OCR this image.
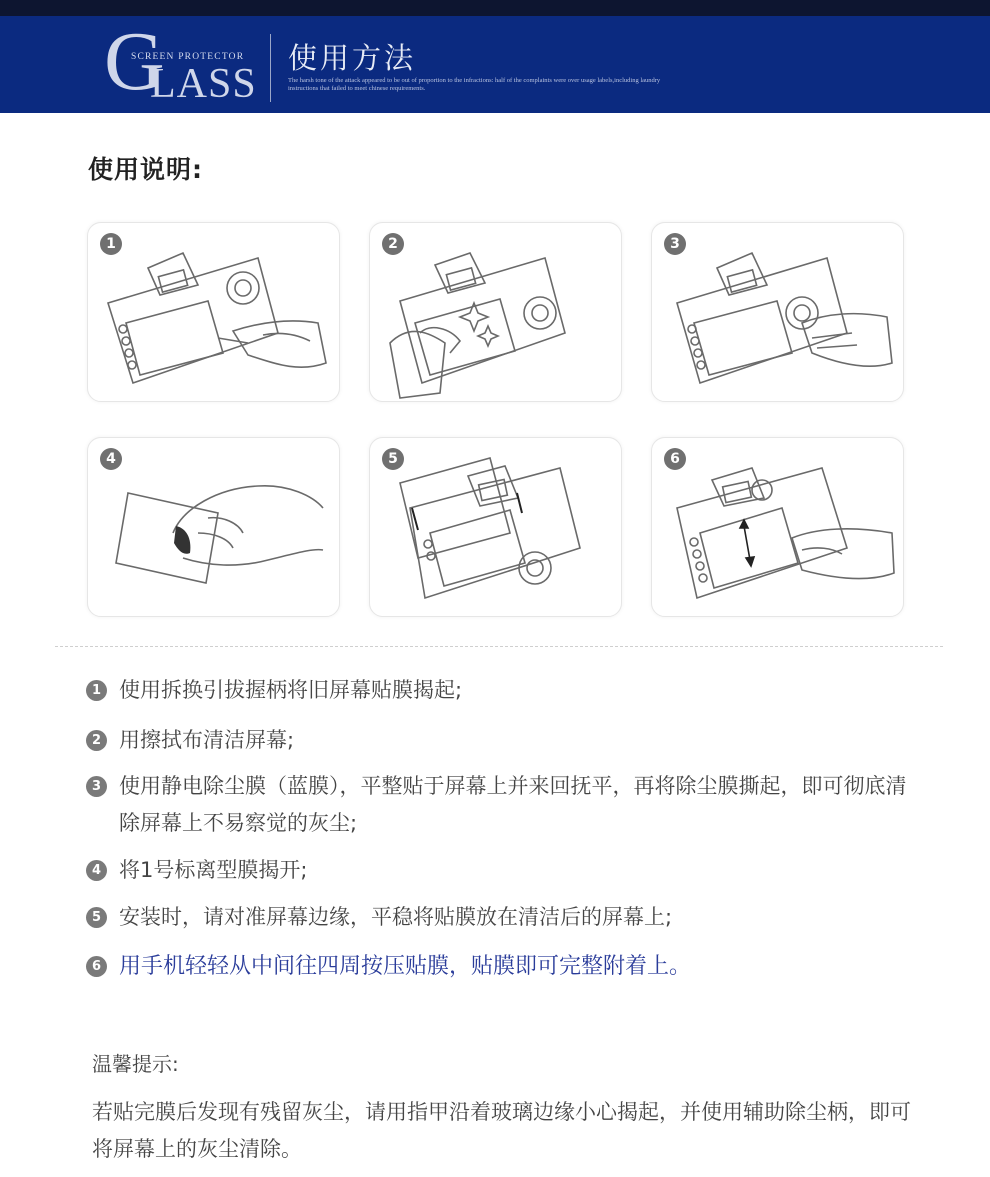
G
SCREEN PROTECTOR
LASS
使用方法
The harsh tone of the attack appeared to be out of proportion to the infractions: half of the complaints were over usage labels,including laundry instructions that failed to meet chinese requirements.
使用说明:
1	2	3
4	5	6
1 使用拆换引拔握柄将旧屏幕贴膜揭起;
2 用擦拭布清洁屏幕;
3 使用静电除尘膜（蓝膜），平整贴于屏幕上并来回抚平，再将除尘膜撕起，即可彻底清除屏幕上不易察觉的灰尘;
4 将1号标离型膜揭开;
5 安装时，请对准屏幕边缘，平稳将贴膜放在清洁后的屏幕上;
6 用手机轻轻从中间往四周按压贴膜，贴膜即可完整附着上。
温馨提示:
若贴完膜后发现有残留灰尘，请用指甲沿着玻璃边缘小心揭起，并使用辅助除尘柄，即可将屏幕上的灰尘清除。
